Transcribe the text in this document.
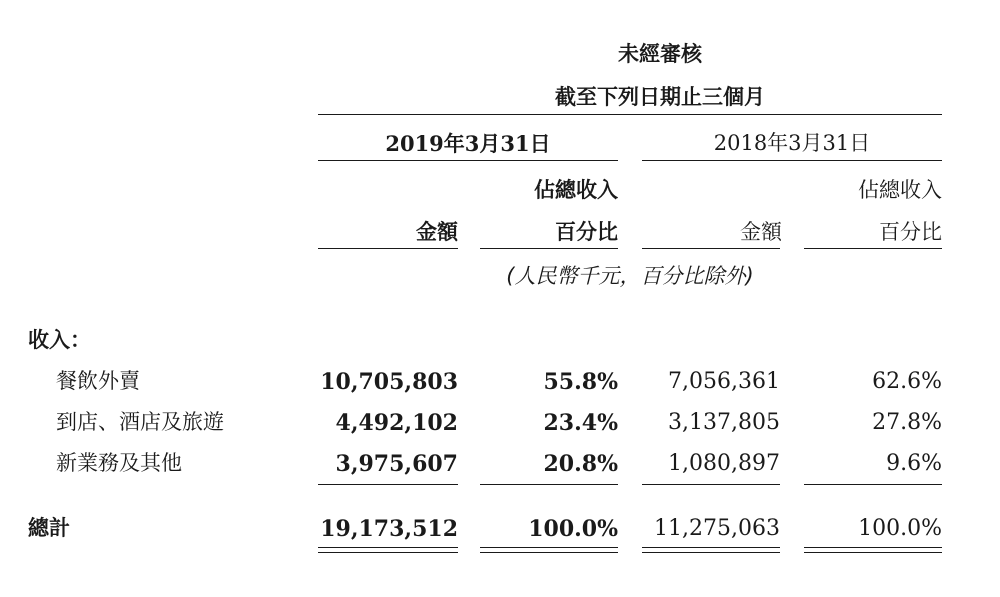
未經審核
截至下列日期止三個月
2019年3月31日	2018年3月31日
佔總收入	佔總收入
金額	百分比	金額	百分比
(人民幣千元，百分比除外)
收入：
餐飲外賣	10,705,803	55.8%	7,056,361	62.6%
到店、酒店及旅遊	4,492,102	23.4%	3,137,805	27.8%
新業務及其他	3,975,607	20.8%	1,080,897	9.6%
總計	19,173,512	100.0%	11,275,063	100.0%
